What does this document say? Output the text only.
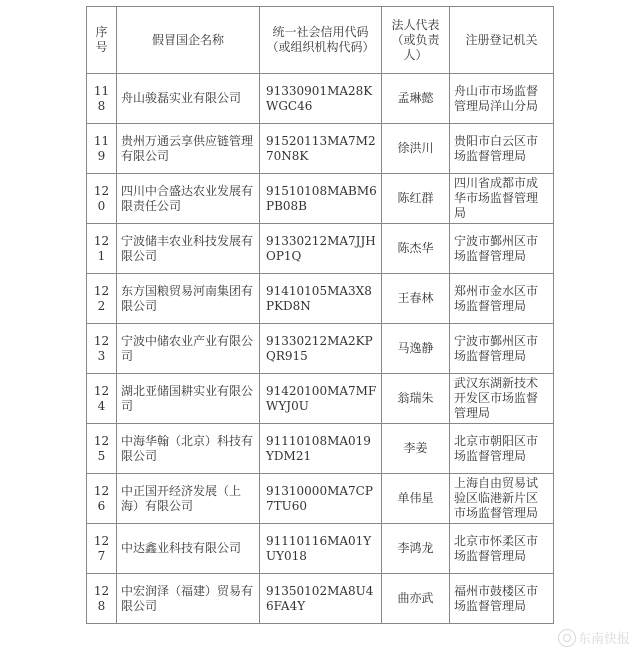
序号	假冒国企名称	统一社会信用代码（或组织机构代码）	法人代表（或负责人）	注册登记机关
118	舟山骏磊实业有限公司	91330901MA28KWGC46	孟琳懿	舟山市市场监督管理局洋山分局
119	贵州万通云享供应链管理有限公司	91520113MA7M270N8K	徐洪川	贵阳市白云区市场监督管理局
120	四川中合盛达农业发展有限责任公司	91510108MABM6PB08B	陈红群	四川省成都市成华市场监督管理局
121	宁波储丰农业科技发展有限公司	91330212MA7JJHOP1Q	陈杰华	宁波市鄞州区市场监督管理局
122	东方国粮贸易河南集团有限公司	91410105MA3X8PKD8N	王春林	郑州市金水区市场监督管理局
123	宁波中储农业产业有限公司	91330212MA2KPQR915	马逸静	宁波市鄞州区市场监督管理局
124	湖北亚储国耕实业有限公司	91420100MA7MFWYJ0U	翁瑞朱	武汉东湖新技术开发区市场监督管理局
125	中海华翰（北京）科技有限公司	91110108MA019YDM21	李姜	北京市朝阳区市场监督管理局
126	中正国开经济发展（上海）有限公司	91310000MA7CP7TU60	单伟星	上海自由贸易试验区临港新片区市场监督管理局
127	中达鑫业科技有限公司	91110116MA01YUY018	李鸿龙	北京市怀柔区市场监督管理局
128	中宏润泽（福建）贸易有限公司	91350102MA8U46FA4Y	曲亦武	福州市鼓楼区市场监督管理局
东南快报
